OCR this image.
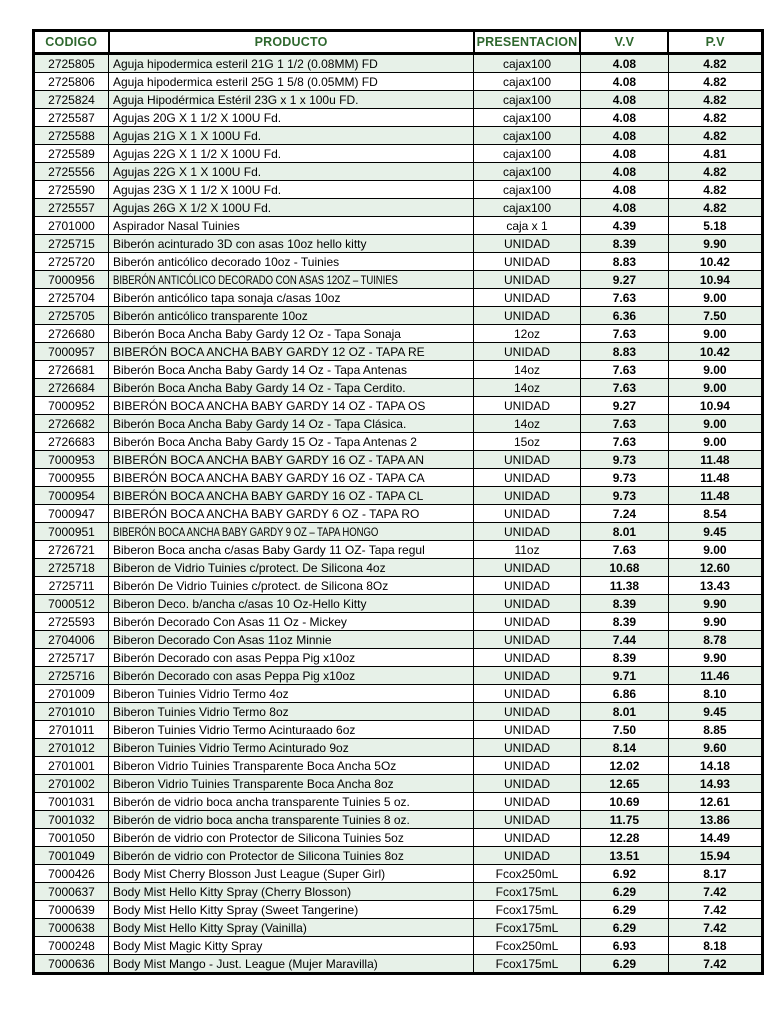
CODIGO	PRODUCTO	PRESENTACION	V.V	P.V
2725805	Aguja hipodermica esteril 21G 1 1/2 (0.08MM) FD	cajax100	4.08	4.82
2725806	Aguja hipodermica esteril 25G 1 5/8 (0.05MM) FD	cajax100	4.08	4.82
2725824	Aguja Hipodérmica Estéril 23G x 1 x 100u FD.	cajax100	4.08	4.82
2725587	Agujas 20G X 1 1/2 X 100U Fd.	cajax100	4.08	4.82
2725588	Agujas 21G X 1 X 100U Fd.	cajax100	4.08	4.82
2725589	Agujas 22G X 1 1/2 X 100U Fd.	cajax100	4.08	4.81
2725556	Agujas 22G X 1 X 100U Fd.	cajax100	4.08	4.82
2725590	Agujas 23G X 1 1/2 X 100U Fd.	cajax100	4.08	4.82
2725557	Agujas 26G X 1/2 X 100U Fd.	cajax100	4.08	4.82
2701000	Aspirador Nasal Tuinies	caja x 1	4.39	5.18
2725715	Biberón acinturado 3D con asas 10oz hello kitty	UNIDAD	8.39	9.90
2725720	Biberón anticólico decorado 10oz - Tuinies	UNIDAD	8.83	10.42
7000956	BIBERÓN ANTICÓLICO DECORADO CON ASAS 12OZ – TUINIES	UNIDAD	9.27	10.94
2725704	Biberón anticólico tapa sonaja c/asas 10oz	UNIDAD	7.63	9.00
2725705	Biberón anticólico transparente 10oz	UNIDAD	6.36	7.50
2726680	Biberón Boca Ancha Baby Gardy 12 Oz - Tapa Sonaja	12oz	7.63	9.00
7000957	BIBERÓN BOCA ANCHA BABY GARDY 12 OZ - TAPA RE	UNIDAD	8.83	10.42
2726681	Biberón Boca Ancha Baby Gardy 14 Oz - Tapa Antenas	14oz	7.63	9.00
2726684	Biberón Boca Ancha Baby Gardy 14 Oz - Tapa Cerdito.	14oz	7.63	9.00
7000952	BIBERÓN BOCA ANCHA BABY GARDY 14 OZ - TAPA OS	UNIDAD	9.27	10.94
2726682	Biberón Boca Ancha Baby Gardy 14 Oz - Tapa Clásica.	14oz	7.63	9.00
2726683	Biberón Boca Ancha Baby Gardy 15 Oz - Tapa Antenas 2	15oz	7.63	9.00
7000953	BIBERÓN BOCA ANCHA BABY GARDY 16 OZ - TAPA AN	UNIDAD	9.73	11.48
7000955	BIBERÓN BOCA ANCHA BABY GARDY 16 OZ - TAPA CA	UNIDAD	9.73	11.48
7000954	BIBERÓN BOCA ANCHA BABY GARDY 16 OZ - TAPA CL	UNIDAD	9.73	11.48
7000947	BIBERÓN BOCA ANCHA BABY GARDY 6 OZ - TAPA RO	UNIDAD	7.24	8.54
7000951	BIBERÓN BOCA ANCHA BABY GARDY 9 OZ – TAPA HONGO	UNIDAD	8.01	9.45
2726721	Biberon Boca ancha c/asas Baby Gardy 11 OZ- Tapa regul	11oz	7.63	9.00
2725718	Biberon de Vidrio Tuinies c/protect. De Silicona 4oz	UNIDAD	10.68	12.60
2725711	Biberón De Vidrio Tuinies c/protect. de Silicona 8Oz	UNIDAD	11.38	13.43
7000512	Biberon Deco. b/ancha c/asas 10 Oz-Hello Kitty	UNIDAD	8.39	9.90
2725593	Biberón Decorado Con Asas 11 Oz - Mickey	UNIDAD	8.39	9.90
2704006	Biberon Decorado Con Asas 11oz Minnie	UNIDAD	7.44	8.78
2725717	Biberón Decorado con asas Peppa Pig x10oz	UNIDAD	8.39	9.90
2725716	Biberón Decorado con asas Peppa Pig x10oz	UNIDAD	9.71	11.46
2701009	Biberon Tuinies Vidrio Termo 4oz	UNIDAD	6.86	8.10
2701010	Biberon Tuinies Vidrio Termo 8oz	UNIDAD	8.01	9.45
2701011	Biberon Tuinies Vidrio Termo Acinturaado 6oz	UNIDAD	7.50	8.85
2701012	Biberon Tuinies Vidrio Termo Acinturado 9oz	UNIDAD	8.14	9.60
2701001	Biberon Vidrio Tuinies Transparente Boca Ancha 5Oz	UNIDAD	12.02	14.18
2701002	Biberon Vidrio Tuinies Transparente Boca Ancha 8oz	UNIDAD	12.65	14.93
7001031	Biberón de vidrio boca ancha transparente Tuinies 5 oz.	UNIDAD	10.69	12.61
7001032	Biberón de vidrio boca ancha transparente Tuinies 8 oz.	UNIDAD	11.75	13.86
7001050	Biberón de vidrio con Protector de Silicona Tuinies 5oz	UNIDAD	12.28	14.49
7001049	Biberón de vidrio con Protector de Silicona Tuinies 8oz	UNIDAD	13.51	15.94
7000426	Body Mist Cherry Blosson Just League (Super Girl)	Fcox250mL	6.92	8.17
7000637	Body Mist Hello Kitty Spray (Cherry Blosson)	Fcox175mL	6.29	7.42
7000639	Body Mist Hello Kitty Spray (Sweet Tangerine)	Fcox175mL	6.29	7.42
7000638	Body Mist Hello Kitty Spray (Vainilla)	Fcox175mL	6.29	7.42
7000248	Body Mist Magic Kitty Spray	Fcox250mL	6.93	8.18
7000636	Body Mist Mango - Just. League (Mujer Maravilla)	Fcox175mL	6.29	7.42
